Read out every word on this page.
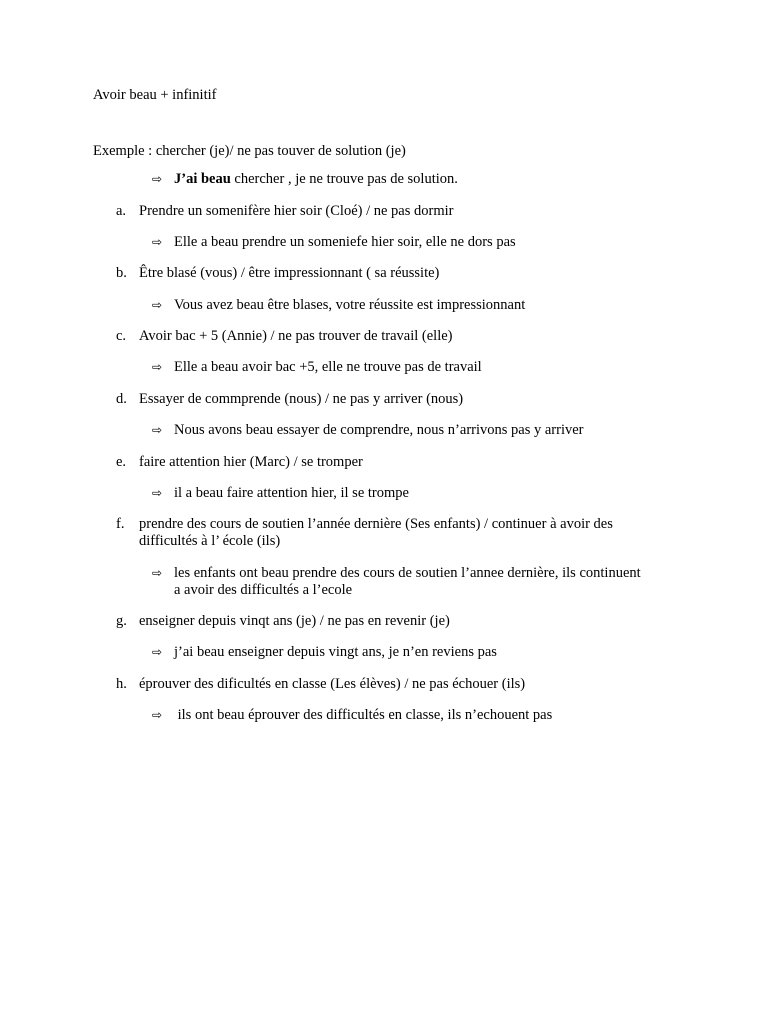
Avoir beau + infinitif
Exemple : chercher (je)/ ne pas touver de solution (je)
⇨ J’ai beau chercher , je ne trouve pas de solution.
a. Prendre un somenifère hier soir (Cloé) / ne pas dormir
⇨ Elle a beau prendre un someniefe hier soir, elle ne dors pas
b. Être blasé (vous) / être impressionnant ( sa réussite)
⇨ Vous avez beau être blases, votre réussite est impressionnant
c. Avoir bac + 5 (Annie) / ne pas trouver de travail (elle)
⇨ Elle a beau avoir bac +5, elle ne trouve pas de travail
d. Essayer de commprende (nous) / ne pas y arriver (nous)
⇨ Nous avons beau essayer de comprendre, nous n’arrivons pas y arriver
e. faire attention hier (Marc) / se tromper
⇨ il a beau faire attention hier, il se trompe
f. prendre des cours de soutien l’année dernière (Ses enfants) / continuer à avoir des
difficultés à l’ école (ils)
⇨ les enfants ont beau prendre des cours de soutien l’annee dernière, ils continuent
a avoir des difficultés a l’ecole
g. enseigner depuis vinqt ans (je) / ne pas en revenir (je)
⇨ j’ai beau enseigner depuis vingt ans, je n’en reviens pas
h. éprouver des dificultés en classe (Les élèves) / ne pas échouer (ils)
⇨ ils ont beau éprouver des difficultés en classe, ils n’echouent pas
